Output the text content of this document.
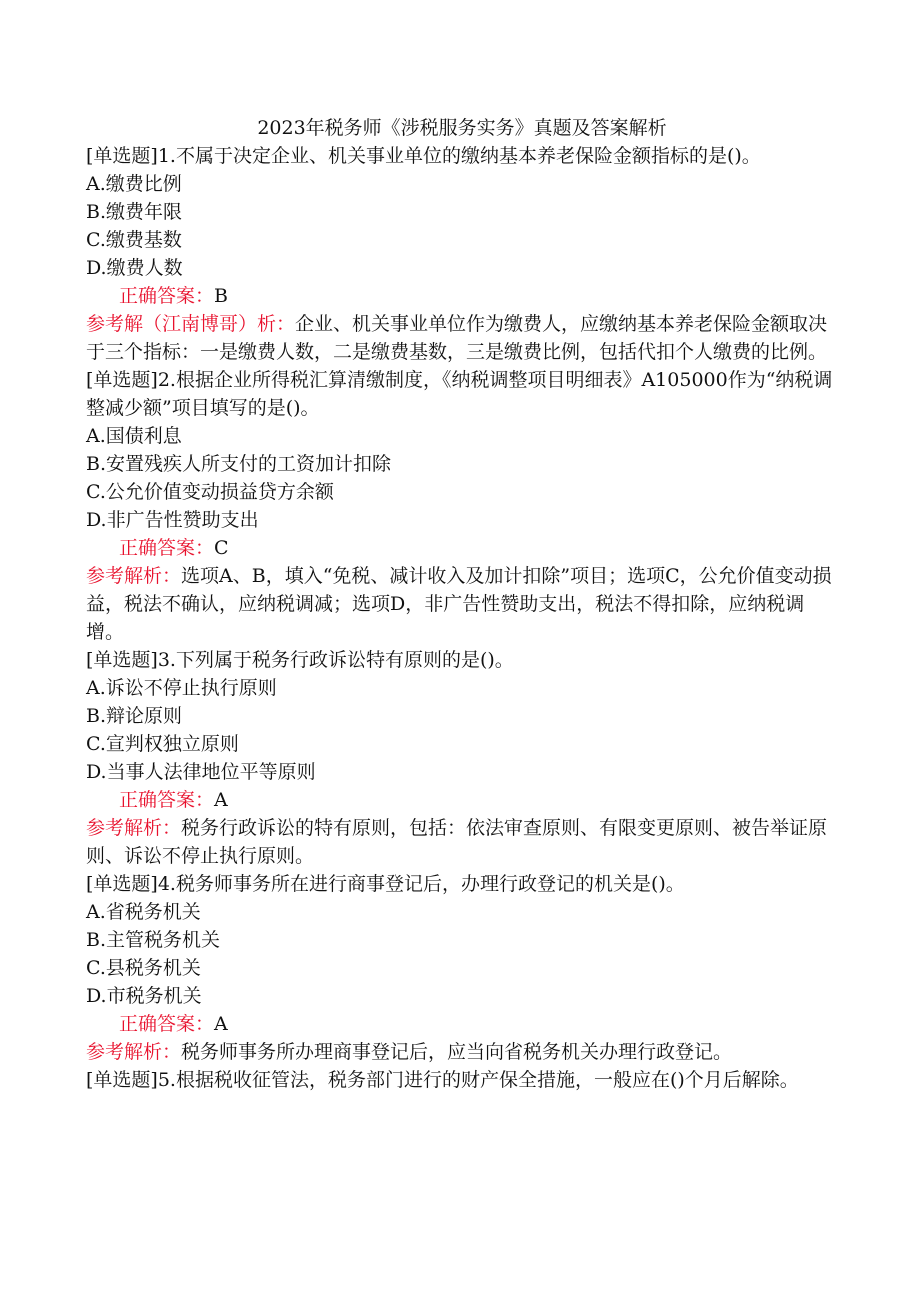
2023年税务师《涉税服务实务》真题及答案解析

[单选题]1.不属于决定企业、机关事业单位的缴纳基本养老保险金额指标的是()。

A.缴费比例

B.缴费年限

C.缴费基数

D.缴费人数

正确答案：B

参考解（江南博哥）析：企业、机关事业单位作为缴费人，应缴纳基本养老保险金额取决于三个指标：一是缴费人数，二是缴费基数，三是缴费比例，包括代扣个人缴费的比例。

[单选题]2.根据企业所得税汇算清缴制度，《纳税调整项目明细表》A105000作为“纳税调整减少额”项目填写的是()。

A.国债利息

B.安置残疾人所支付的工资加计扣除

C.公允价值变动损益贷方余额

D.非广告性赞助支出

正确答案：C

参考解析：选项A、B，填入“免税、减计收入及加计扣除”项目；选项C，公允价值变动损益，税法不确认，应纳税调减；选项D，非广告性赞助支出，税法不得扣除，应纳税调增。

[单选题]3.下列属于税务行政诉讼特有原则的是()。

A.诉讼不停止执行原则

B.辩论原则

C.宣判权独立原则

D.当事人法律地位平等原则

正确答案：A

参考解析：税务行政诉讼的特有原则，包括：依法审查原则、有限变更原则、被告举证原则、诉讼不停止执行原则。

[单选题]4.税务师事务所在进行商事登记后，办理行政登记的机关是()。

A.省税务机关

B.主管税务机关

C.县税务机关

D.市税务机关

正确答案：A

参考解析：税务师事务所办理商事登记后，应当向省税务机关办理行政登记。

[单选题]5.根据税收征管法，税务部门进行的财产保全措施，一般应在()个月后解除。
